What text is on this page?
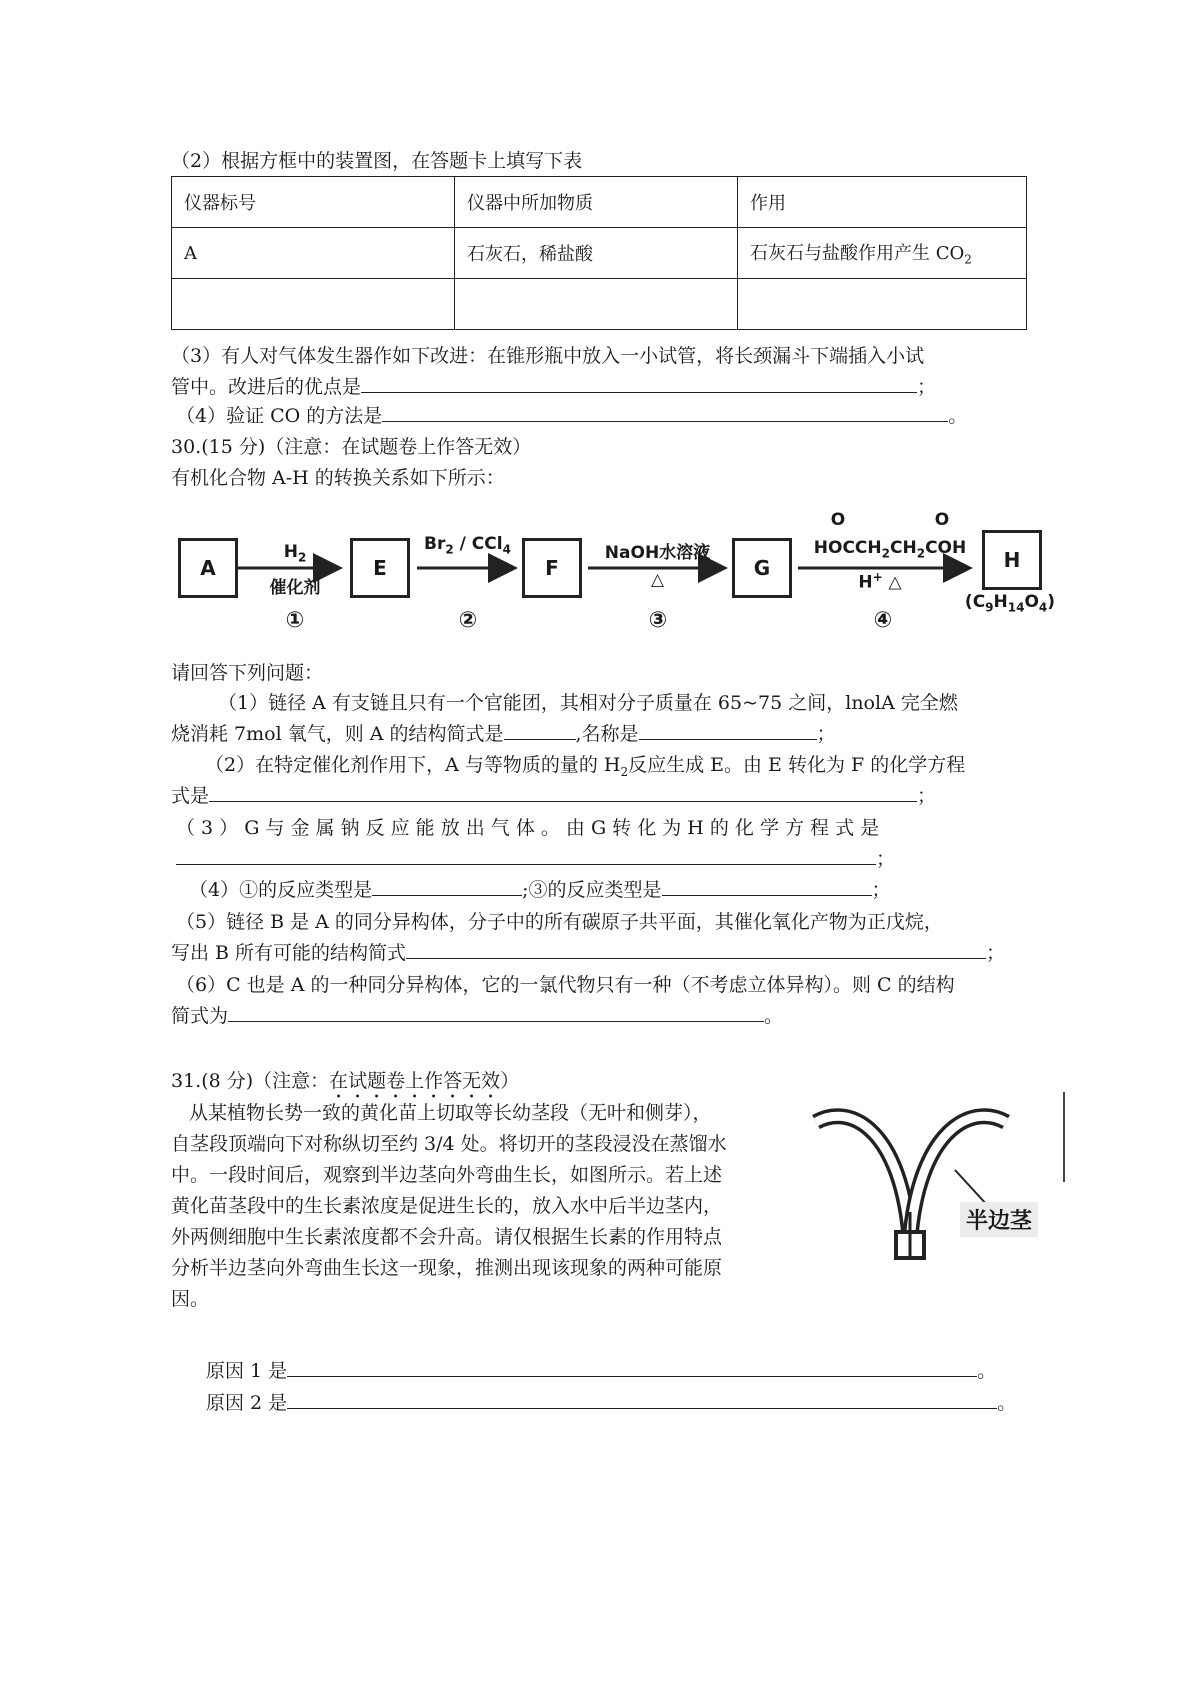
（2）根据方框中的装置图，在答题卡上填写下表
仪器标号	仪器中所加物质	作用
A	石灰石，稀盐酸	石灰石与盐酸作用产生 $CO_2$

（3）有人对气体发生器作如下改进：在锥形瓶中放入一小试管，将长颈漏斗下端插入小试
管中。改进后的优点是	；
（4）验证 CO 的方法是	。
30.(15 分)（注意：在试题卷上作答无效）
有机化合物 A-H 的转换关系如下所示：
A	E	F	G	H
$H_2$
催化剂
$Br_2 / CCl_4$	NaOH水溶液
△
O	O
$HOCCH_2CH_2COH$
H+ △
$(C_9H_{14}O_4)$
①	②	③	④
请回答下列问题：
（1）链径 A 有支链且只有一个官能团，其相对分子质量在 65~75 之间，lnolA 完全燃
烧消耗 7mol 氧气，则 A 的结构简式是	,名称是	；
（2）在特定催化剂作用下，A 与等物质的量的 $H_2$反应生成 E。由 E 转化为 F 的化学方程
式是	；
（ 3 ） G 与 金 属 钠 反 应 能 放 出 气 体 。 由 G 转 化 为 H 的 化 学 方 程 式 是
；
（4）①的反应类型是	;③的反应类型是	；
（5）链径 B 是 A 的同分异构体，分子中的所有碳原子共平面，其催化氧化产物为正戊烷，
写出 B 所有可能的结构简式	；
（6）C 也是 A 的一种同分异构体，它的一氯代物只有一种（不考虑立体异构）。则 C 的结构
简式为	。
31.(8 分)（注意：在试题卷上作答无效）
从某植物长势一致的黄化苗上切取等长幼茎段（无叶和侧芽），
自茎段顶端向下对称纵切至约 3/4 处。将切开的茎段浸没在蒸馏水
中。一段时间后，观察到半边茎向外弯曲生长，如图所示。若上述
黄化苗茎段中的生长素浓度是促进生长的，放入水中后半边茎内，
外两侧细胞中生长素浓度都不会升高。请仅根据生长素的作用特点
分析半边茎向外弯曲生长这一现象，推测出现该现象的两种可能原
因。
半边茎
原因 1 是	。
原因 2 是	。
